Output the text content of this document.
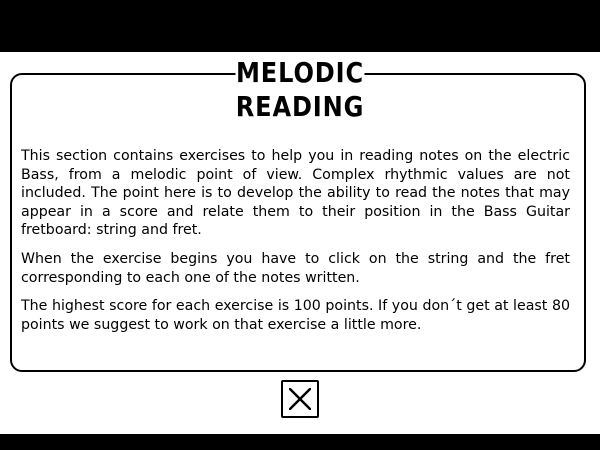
MELODIC
READING

This section contains exercises to help you in reading notes on the electric Bass, from a melodic point of view. Complex rhythmic values are not included. The point here is to develop the ability to read the notes that may appear in a score and relate them to their position in the Bass Guitar fretboard: string and fret.

When the exercise begins you have to click on the string and the fret corresponding to each one of the notes written.

The highest score for each exercise is 100 points. If you don´t get at least 80 points we suggest to work on that exercise a little more.
